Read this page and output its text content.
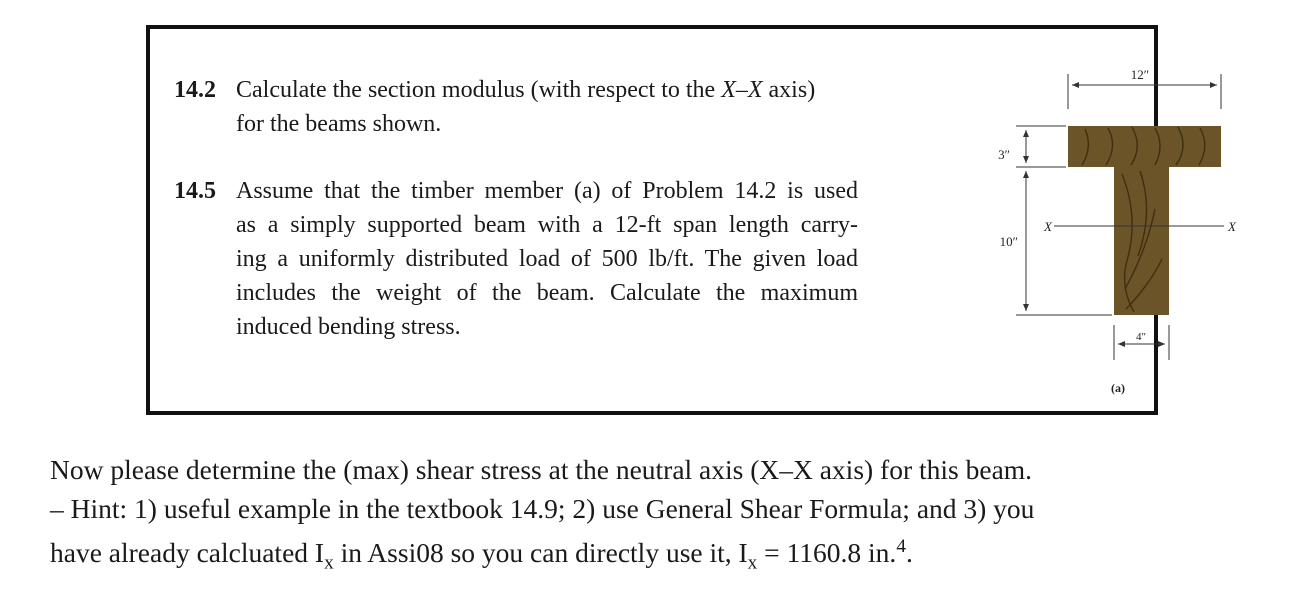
14.2 Calculate the section modulus (with respect to the X–X axis)
for the beams shown.
14.5 Assume that the timber member (a) of Problem 14.2 is used
as a simply supported beam with a 12-ft span length carry-
ing a uniformly distributed load of 500 lb/ft. The given load
includes the weight of the beam. Calculate the maximum
induced bending stress.
12″
3″
10″
X	X
4″
(a)
Now please determine the (max) shear stress at the neutral axis (X–X axis) for this beam.
– Hint: 1) useful example in the textbook 14.9; 2) use General Shear Formula; and 3) you
have already calcluated $I_x$ in Assi08 so you can directly use it, $I_x = 1160.8$ in.$^4$.
